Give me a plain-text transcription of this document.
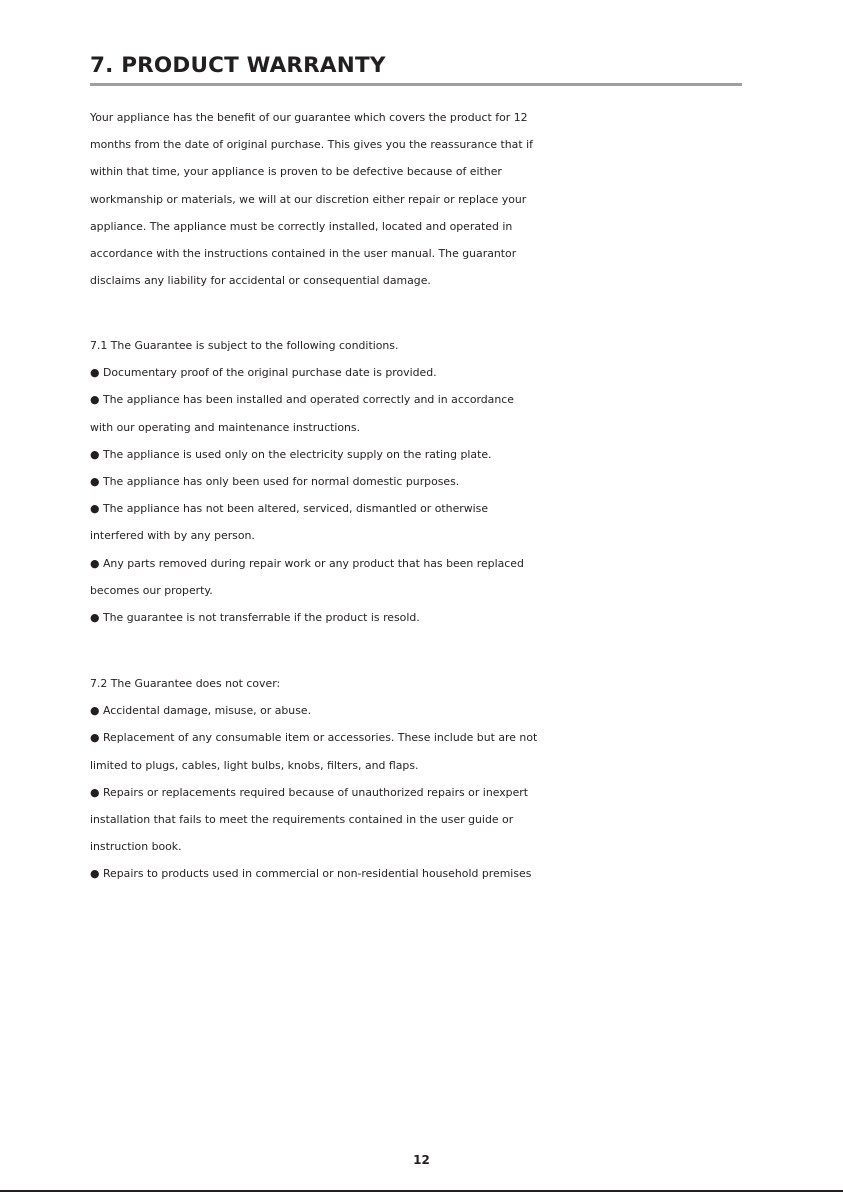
7. PRODUCT WARRANTY
Your appliance has the benefit of our guarantee which covers the product for 12
months from the date of original purchase. This gives you the reassurance that if
within that time, your appliance is proven to be defective because of either
workmanship or materials, we will at our discretion either repair or replace your
appliance. The appliance must be correctly installed, located and operated in
accordance with the instructions contained in the user manual. The guarantor
disclaims any liability for accidental or consequential damage.
7.1 The Guarantee is subject to the following conditions.
● Documentary proof of the original purchase date is provided.
● The appliance has been installed and operated correctly and in accordance
with our operating and maintenance instructions.
● The appliance is used only on the electricity supply on the rating plate.
● The appliance has only been used for normal domestic purposes.
● The appliance has not been altered, serviced, dismantled or otherwise
interfered with by any person.
● Any parts removed during repair work or any product that has been replaced
becomes our property.
● The guarantee is not transferrable if the product is resold.
7.2 The Guarantee does not cover:
● Accidental damage, misuse, or abuse.
● Replacement of any consumable item or accessories. These include but are not
limited to plugs, cables, light bulbs, knobs, filters, and flaps.
● Repairs or replacements required because of unauthorized repairs or inexpert
installation that fails to meet the requirements contained in the user guide or
instruction book.
● Repairs to products used in commercial or non-residential household premises
12
